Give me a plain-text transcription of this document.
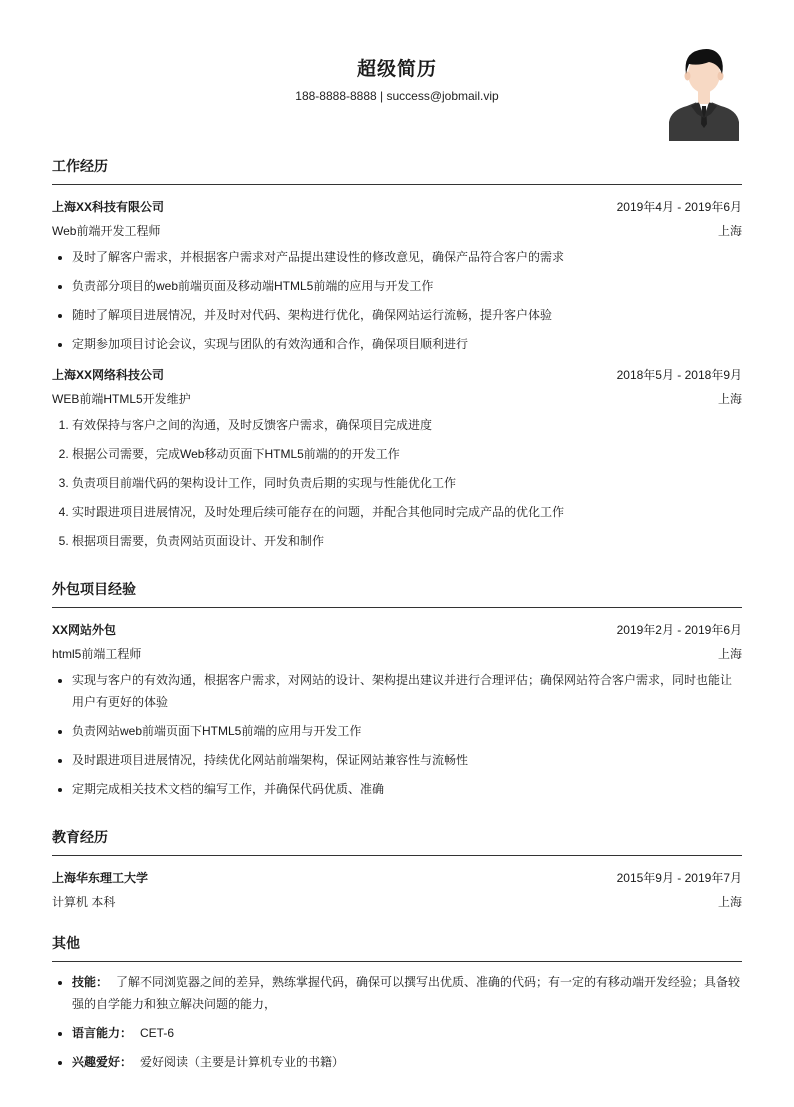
超级简历
188-8888-8888 | success@jobmail.vip
工作经历
上海XX科技有限公司	2019年4月 - 2019年6月
Web前端开发工程师	上海
• 及时了解客户需求，并根据客户需求对产品提出建设性的修改意见，确保产品符合客户的需求
• 负责部分项目的web前端页面及移动端HTML5前端的应用与开发工作
• 随时了解项目进展情况，并及时对代码、架构进行优化，确保网站运行流畅，提升客户体验
• 定期参加项目讨论会议，实现与团队的有效沟通和合作，确保项目顺利进行
上海XX网络科技公司	2018年5月 - 2018年9月
WEB前端HTML5开发维护	上海
1. 有效保持与客户之间的沟通，及时反馈客户需求，确保项目完成进度
2. 根据公司需要，完成Web移动页面下HTML5前端的的开发工作
3. 负责项目前端代码的架构设计工作，同时负责后期的实现与性能优化工作
4. 实时跟进项目进展情况，及时处理后续可能存在的问题，并配合其他同时完成产品的优化工作
5. 根据项目需要，负责网站页面设计、开发和制作
外包项目经验
XX网站外包	2019年2月 - 2019年6月
html5前端工程师	上海
• 实现与客户的有效沟通，根据客户需求，对网站的设计、架构提出建议并进行合理评估；确保网站符合客户需求，同时也能让用户有更好的体验
• 负责网站web前端页面下HTML5前端的应用与开发工作
• 及时跟进项目进展情况，持续优化网站前端架构，保证网站兼容性与流畅性
• 定期完成相关技术文档的编写工作，并确保代码优质、准确
教育经历
上海华东理工大学	2015年9月 - 2019年7月
计算机 本科	上海
其他
• 技能： 了解不同浏览器之间的差异，熟练掌握代码，确保可以撰写出优质、准确的代码；有一定的有移动端开发经验；具备较强的自学能力和独立解决问题的能力，
• 语言能力： CET-6
• 兴趣爱好： 爱好阅读（主要是计算机专业的书籍）
